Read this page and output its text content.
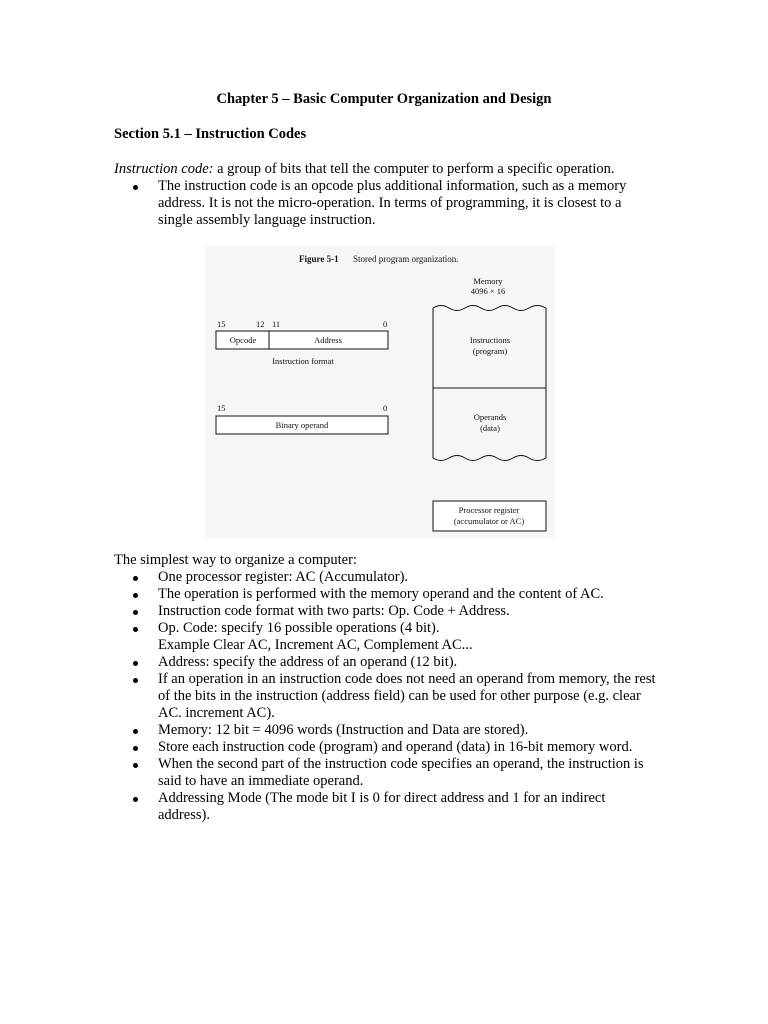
Chapter 5 – Basic Computer Organization and Design
Section 5.1 – Instruction Codes
Instruction code: a group of bits that tell the computer to perform a specific operation.
The instruction code is an opcode plus additional information, such as a memory address. It is not the micro-operation. In terms of programming, it is closest to a single assembly language instruction.
Figure 5-1 Stored program organization.
Memory
4096 × 16
Instructions
(program)
Operands
(data)
15	12 11	0
Opcode	Address
Instruction format
15	0
Binary operand
Processor register
(accumulator or AC)
The simplest way to organize a computer:
One processor register: AC (Accumulator).
The operation is performed with the memory operand and the content of AC.
Instruction code format with two parts: Op. Code + Address.
Op. Code: specify 16 possible operations (4 bit).
Example Clear AC, Increment AC, Complement AC...
Address: specify the address of an operand (12 bit).
If an operation in an instruction code does not need an operand from memory, the rest of the bits in the instruction (address field) can be used for other purpose (e.g. clear AC. increment AC).
Memory: 12 bit = 4096 words (Instruction and Data are stored).
Store each instruction code (program) and operand (data) in 16-bit memory word.
When the second part of the instruction code specifies an operand, the instruction is said to have an immediate operand.
Addressing Mode (The mode bit I is 0 for direct address and 1 for an indirect address).
